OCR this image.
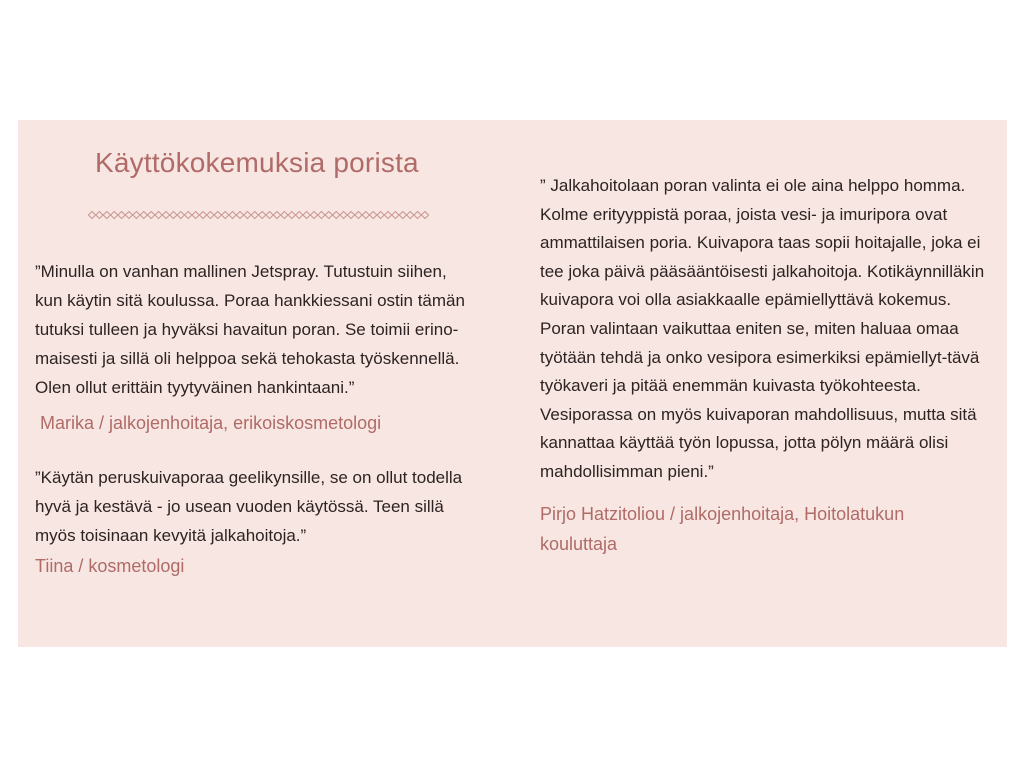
Käyttökokemuksia porista

”Minulla on vanhan mallinen Jetspray. Tutustuin siihen, kun käytin sitä koulussa. Poraa hankkiessani ostin tämän tutuksi tulleen ja hyväksi havaitun poran. Se toimii erino-maisesti ja sillä oli helppoa sekä tehokasta työskennellä. Olen ollut erittäin tyytyväinen hankintaani.”

Marika / jalkojenhoitaja, erikoiskosmetologi

”Käytän peruskuivaporaa geelikynsille, se on ollut todella hyvä ja kestävä - jo usean vuoden käytössä. Teen sillä myös toisinaan kevyitä jalkahoitoja.”

Tiina / kosmetologi

” Jalkahoitolaan poran valinta ei ole aina helppo homma. Kolme erityyppistä poraa, joista vesi- ja imuripora ovat ammattilaisen poria. Kuivapora taas sopii hoitajalle, joka ei tee joka päivä pääsääntöisesti jalkahoitoja. Kotikäynnilläkin kuivapora voi olla asiakkaalle epämiellyttävä kokemus. Poran valintaan vaikuttaa eniten se, miten haluaa omaa työtään tehdä ja onko vesipora esimerkiksi epämiellyt-tävä työkaveri ja pitää enemmän kuivasta työkohteesta. Vesiporassa on myös kuivaporan mahdollisuus, mutta sitä kannattaa käyttää työn lopussa, jotta pölyn määrä olisi mahdollisimman pieni.”

Pirjo Hatzitoliou / jalkojenhoitaja, Hoitolatukun kouluttaja
